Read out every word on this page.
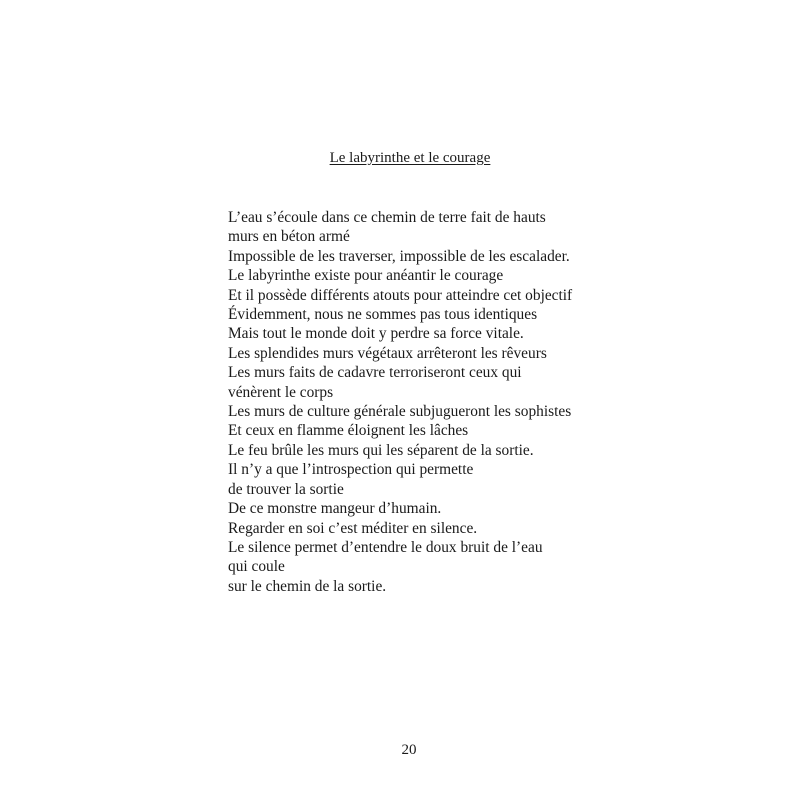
Le labyrinthe et le courage
L’eau s’écoule dans ce chemin de terre fait de hauts
murs en béton armé
Impossible de les traverser, impossible de les escalader.
Le labyrinthe existe pour anéantir le courage
Et il possède différents atouts pour atteindre cet objectif
Évidemment, nous ne sommes pas tous identiques
Mais tout le monde doit y perdre sa force vitale.
Les splendides murs végétaux arrêteront les rêveurs
Les murs faits de cadavre terroriseront ceux qui
vénèrent le corps
Les murs de culture générale subjugueront les sophistes
Et ceux en flamme éloignent les lâches
Le feu brûle les murs qui les séparent de la sortie.
Il n’y a que l’introspection qui permette
de trouver la sortie
De ce monstre mangeur d’humain.
Regarder en soi c’est méditer en silence.
Le silence permet d’entendre le doux bruit de l’eau
qui coule
sur le chemin de la sortie.
20
